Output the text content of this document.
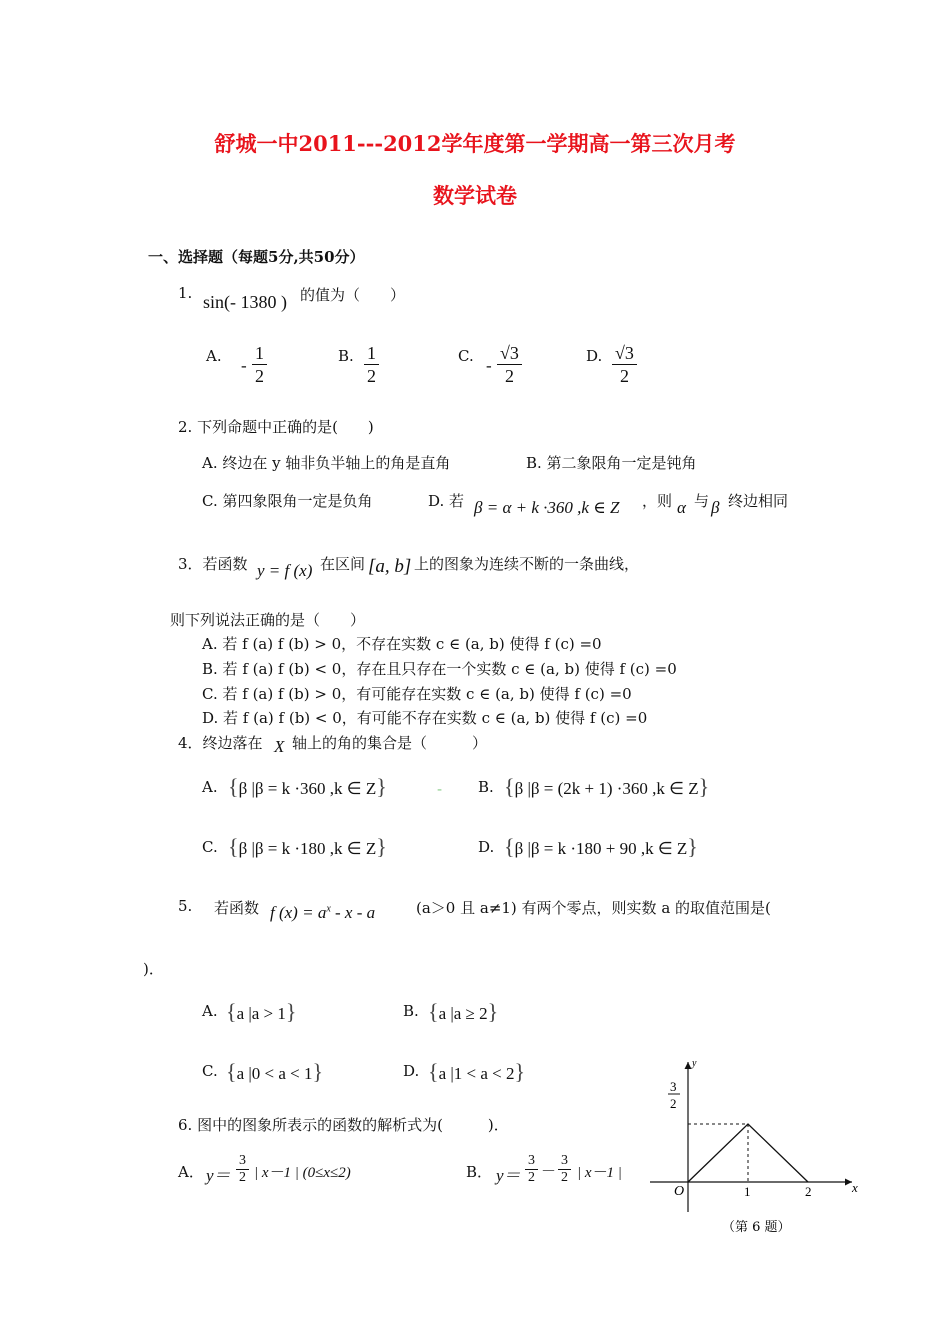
舒城一中2011---2012学年度第一学期高一第三次月考
数学试卷
一、选择题（每题5分,共50分）
1. sin(- 1380 ) 的值为（　　）
A. - $\frac{1}{2}$	B. $\frac{1}{2}$	C. - $\frac{√3}{2}$	D. $\frac{√3}{2}$
2. 下列命题中正确的是(　　)
A. 终边在 y 轴非负半轴上的角是直角	B. 第二象限角一定是钝角
C. 第四象限角一定是负角	D. 若 β = α + k ·360 ,k ∈ Z ，则 α 与 β 终边相同
3．若函数 y = f (x) 在区间 [a, b] 上的图象为连续不断的一条曲线，
则下列说法正确的是（　　）
A. 若 f (a) f (b) > 0，不存在实数 c ∈ (a, b) 使得 f (c) =0
B. 若 f (a) f (b) < 0，存在且只存在一个实数 c ∈ (a, b) 使得 f (c) =0
C. 若 f (a) f (b) > 0，有可能存在实数 c ∈ (a, b) 使得 f (c) =0
D. 若 f (a) f (b) < 0，有可能不存在实数 c ∈ (a, b) 使得 f (c) =0
4．终边落在 X 轴上的角的集合是（　　　）
A. {β |β = k ·360 ,k ∈ Z}	- B. {β |β = (2k + 1) ·360 ,k ∈ Z}
C. {β |β = k ·180 ,k ∈ Z}	D. {β |β = k ·180 + 90 ,k ∈ Z}
5. 若函数 f $(x) = a^x - x - a$	(a＞0 且 a≠1) 有两个零点，则实数 a 的取值范围是(
)．
A. {a |a > 1}	B. {a |a ≥ 2}
C. {a |0 < a < 1}	D. {a |1 < a < 2}
6. 图中的图象所表示的函数的解析式为(　　　)．
A． $y= \frac{3}{2}$ | x－1 | (0≤x≤2)	B． $y= \frac{3}{2} - \frac{3}{2}$ | x－1 |
y
x
O
3
2
1	2
（第 6 题）
